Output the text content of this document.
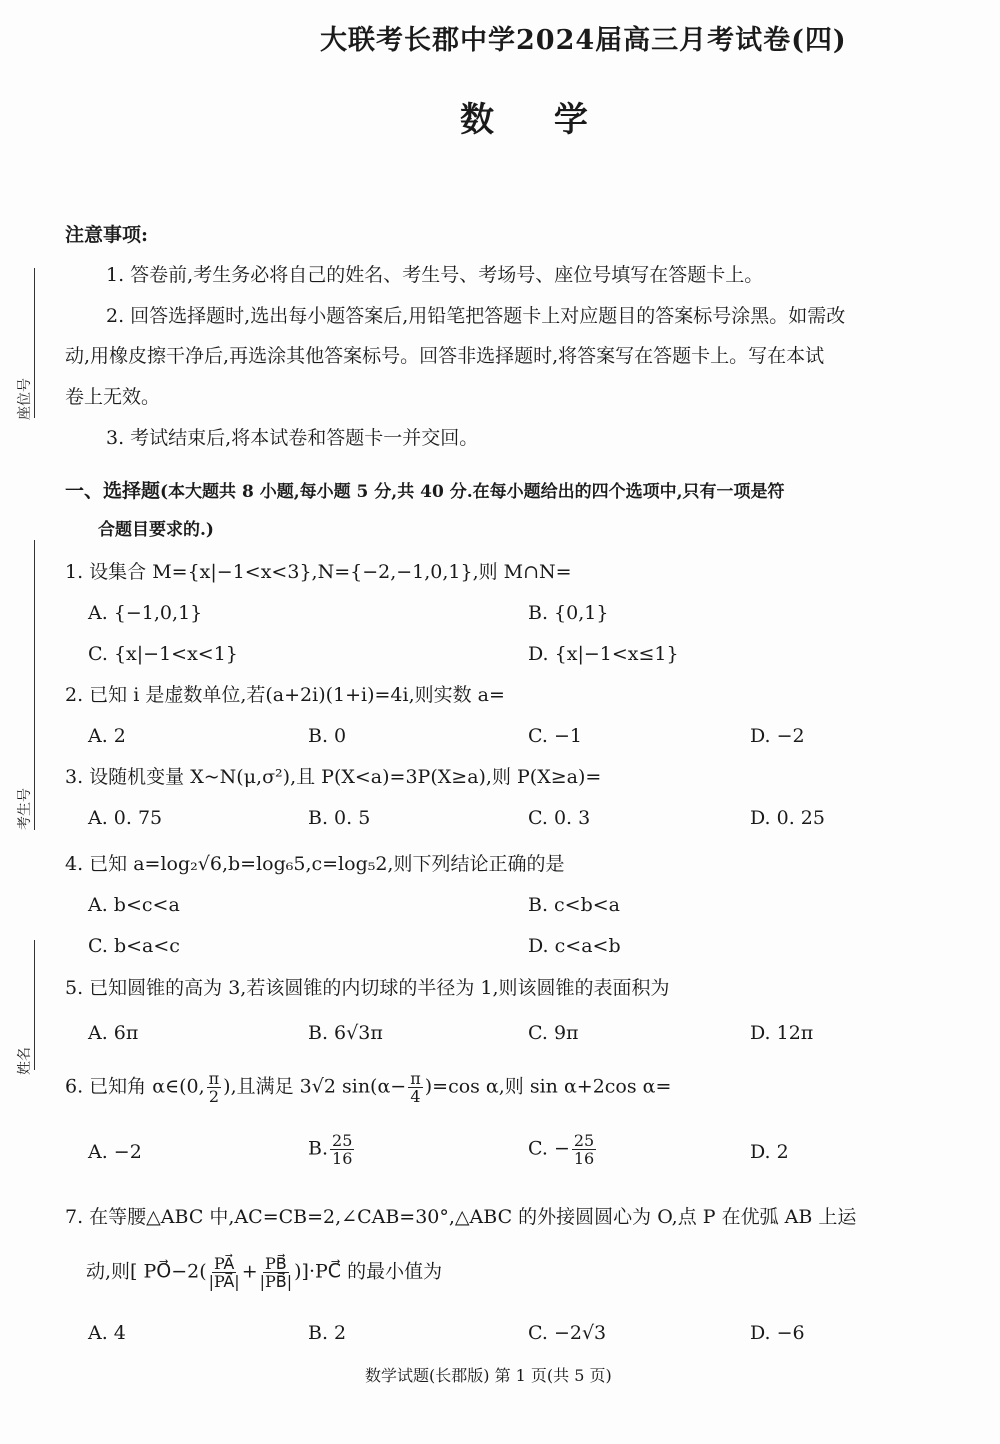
大联考长郡中学2024届高三月考试卷(四)
数 学
座位号
考生号
姓名
注意事项:
1. 答卷前,考生务必将自己的姓名、考生号、考场号、座位号填写在答题卡上。
2. 回答选择题时,选出每小题答案后,用铅笔把答题卡上对应题目的答案标号涂黑。如需改
动,用橡皮擦干净后,再选涂其他答案标号。回答非选择题时,将答案写在答题卡上。写在本试
卷上无效。
3. 考试结束后,将本试卷和答题卡一并交回。
一、选择题(本大题共 8 小题,每小题 5 分,共 40 分.在每小题给出的四个选项中,只有一项是符
合题目要求的.)
1. 设集合 M={x|−1<x<3},N={−2,−1,0,1},则 M∩N=
A. {−1,0,1}	B. {0,1}
C. {x|−1<x<1}	D. {x|−1<x≤1}
2. 已知 i 是虚数单位,若(a+2i)(1+i)=4i,则实数 a=
A. 2	B. 0	C. −1	D. −2
3. 设随机变量 X~N(μ,σ²),且 P(X<a)=3P(X≥a),则 P(X≥a)=
A. 0. 75	B. 0. 5	C. 0. 3	D. 0. 25
4. 已知 a=log₂√6,b=log₆5,c=log₅2,则下列结论正确的是
A. b<c<a	B. c<b<a
C. b<a<c	D. c<a<b
5. 已知圆锥的高为 3,若该圆锥的内切球的半径为 1,则该圆锥的表面积为
A. 6π	B. 6√3π	C. 9π	D. 12π
6. 已知角 α∈(0, $\frac{\pi}{2}$ ),且满足 3√2 $\sin(\alpha- \frac{\pi}{4} )=\cos$ α,则 sin α+2cos α=
A. −2	B. $\frac{25}{16}$	C. − $\frac{25}{16}$	D. 2
7. 在等腰△ABC 中,AC=CB=2,∠CAB=30°,△ABC 的外接圆圆心为 O,点 P 在优弧 AB 上运
动,则[ PO⃗−2( $\frac{PA⃗}{|PA⃗|} + \frac{PB⃗}{|PB⃗|}$ )]·PC⃗ 的最小值为
A. 4	B. 2	C. −2√3	D. −6
数学试题(长郡版) 第 1 页(共 5 页)
